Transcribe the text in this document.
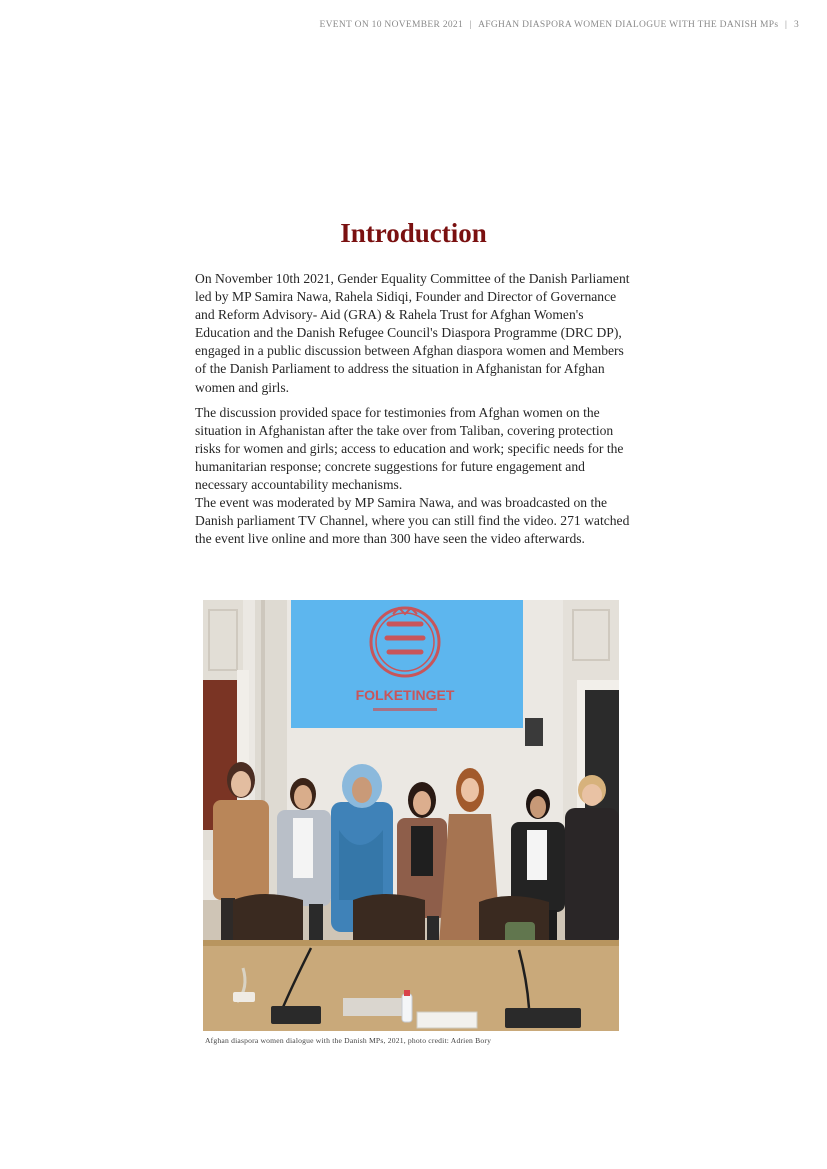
EVENT ON 10 NOVEMBER 2021 | AFGHAN DIASPORA WOMEN DIALOGUE WITH THE DANISH MPs | 3
Introduction

On November 10th 2021, Gender Equality Committee of the Danish Parliament led by MP Samira Nawa, Rahela Sidiqi, Founder and Director of Governance and Reform Advisory- Aid (GRA) & Rahela Trust for Afghan Women's Education and the Danish Refugee Council's Diaspora Programme (DRC DP), engaged in a public discussion between Afghan diaspora women and Members of the Danish Parliament to address the situation in Afghanistan for Afghan women and girls.

The discussion provided space for testimonies from Afghan women on the situation in Afghanistan after the take over from Taliban, covering protection risks for women and girls; access to education and work; specific needs for the humanitarian response; concrete suggestions for future engagement and necessary accountability mechanisms.

The event was moderated by MP Samira Nawa, and was broadcasted on the Danish parliament TV Channel, where you can still find the video. 271 watched the event live online and more than 300 have seen the video afterwards.

FOLKETINGET
Afghan diaspora women dialogue with the Danish MPs, 2021, photo credit: Adrien Bory
